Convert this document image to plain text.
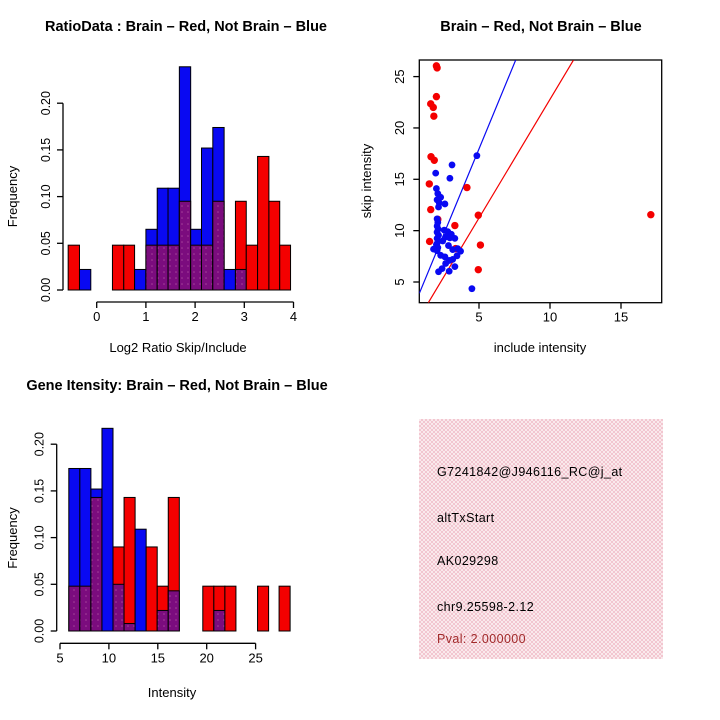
0.00
0.05
0.10
0.15
0.20
0	1	2	3	4
RatioData : Brain – Red, Not Brain – Blue
Log2 Ratio Skip/Include
Frequency
5	10	15
5
10
15
20
25
Brain – Red, Not Brain – Blue
include intensity
skip intensity
0.00
0.05
0.10
0.15
0.20
5	10	15	20	25
Gene Itensity: Brain – Red, Not Brain – Blue
Intensity
Frequency
G7241842@J946116_RC@j_at
altTxStart
AK029298
chr9.25598-2.12
Pval: 2.000000
